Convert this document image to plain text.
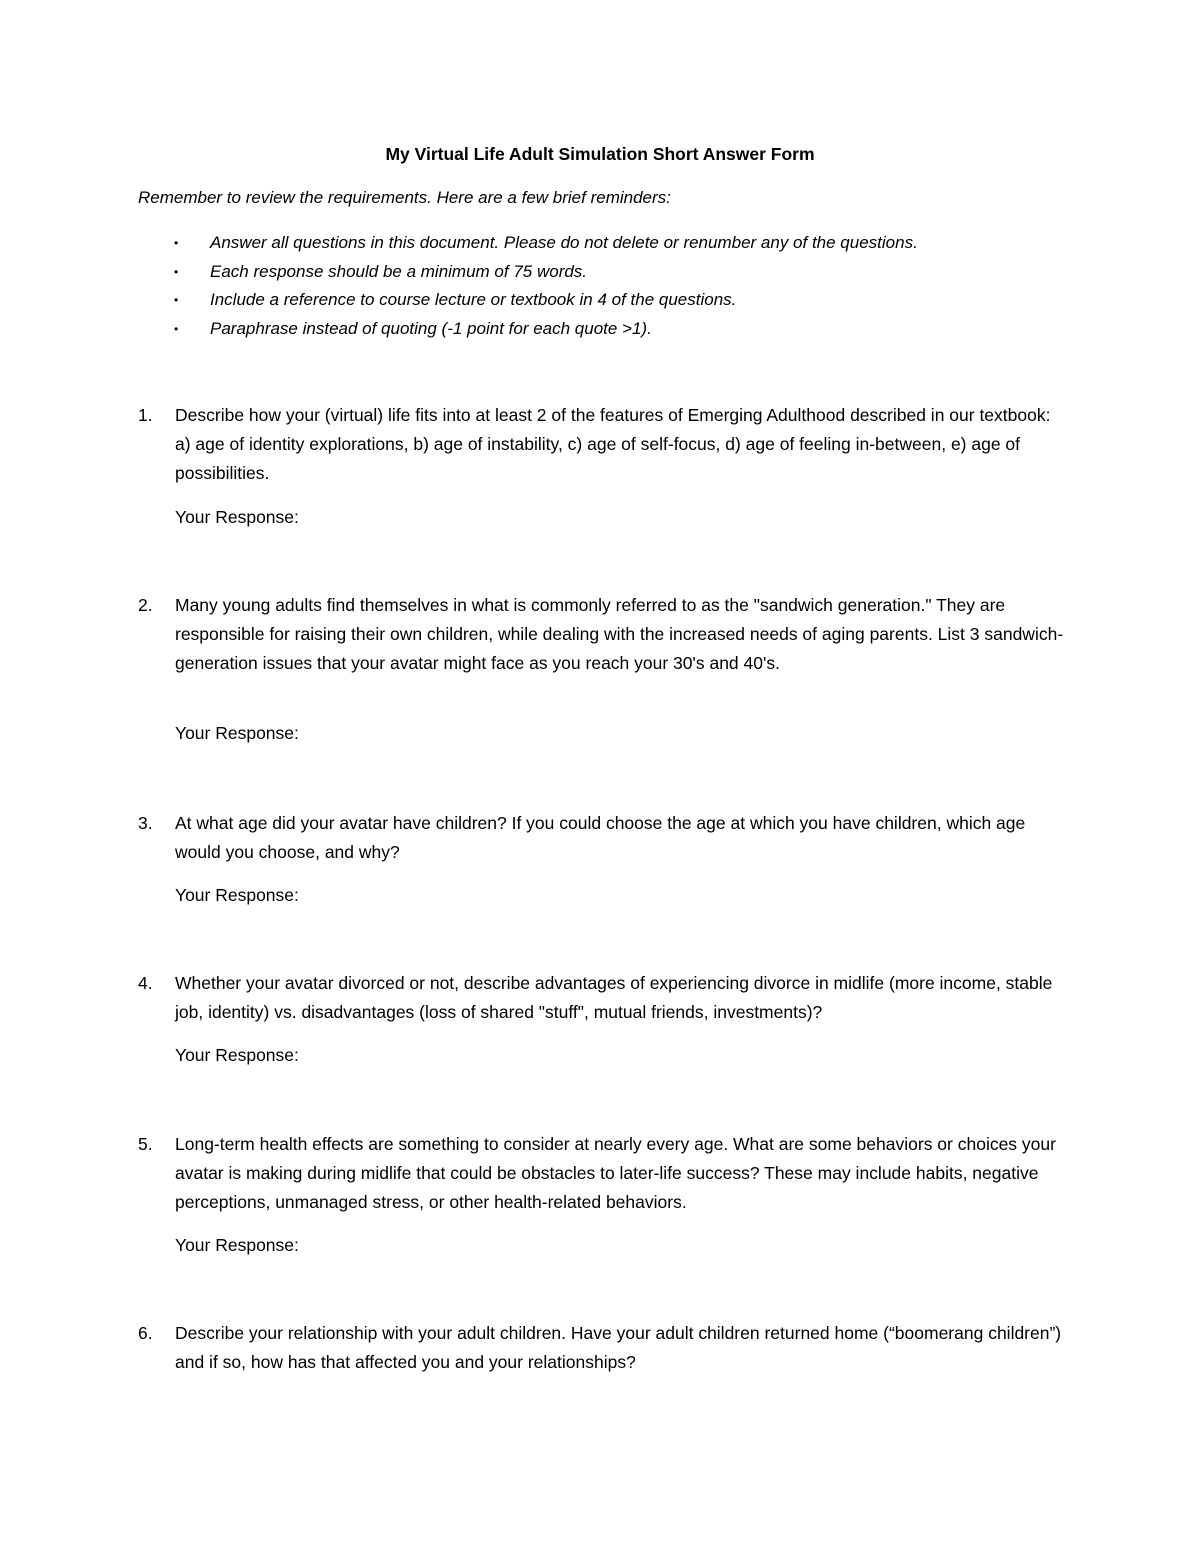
My Virtual Life Adult Simulation Short Answer Form

Remember to review the requirements. Here are a few brief reminders:

• Answer all questions in this document. Please do not delete or renumber any of the questions.
• Each response should be a minimum of 75 words.
• Include a reference to course lecture or textbook in 4 of the questions.
• Paraphrase instead of quoting (-1 point for each quote >1).
1. Describe how your (virtual) life fits into at least 2 of the features of Emerging Adulthood described in our textbook: a) age of identity explorations, b) age of instability, c) age of self-focus, d) age of feeling in-between, e) age of possibilities.

Your Response:

2. Many young adults find themselves in what is commonly referred to as the "sandwich generation." They are responsible for raising their own children, while dealing with the increased needs of aging parents. List 3 sandwich-generation issues that your avatar might face as you reach your 30's and 40's.

Your Response:

3. At what age did your avatar have children? If you could choose the age at which you have children, which age would you choose, and why?

Your Response:

4. Whether your avatar divorced or not, describe advantages of experiencing divorce in midlife (more income, stable job, identity) vs. disadvantages (loss of shared "stuff", mutual friends, investments)?

Your Response:

5. Long-term health effects are something to consider at nearly every age. What are some behaviors or choices your avatar is making during midlife that could be obstacles to later-life success? These may include habits, negative perceptions, unmanaged stress, or other health-related behaviors.

Your Response:

6. Describe your relationship with your adult children. Have your adult children returned home (“boomerang children”) and if so, how has that affected you and your relationships?
